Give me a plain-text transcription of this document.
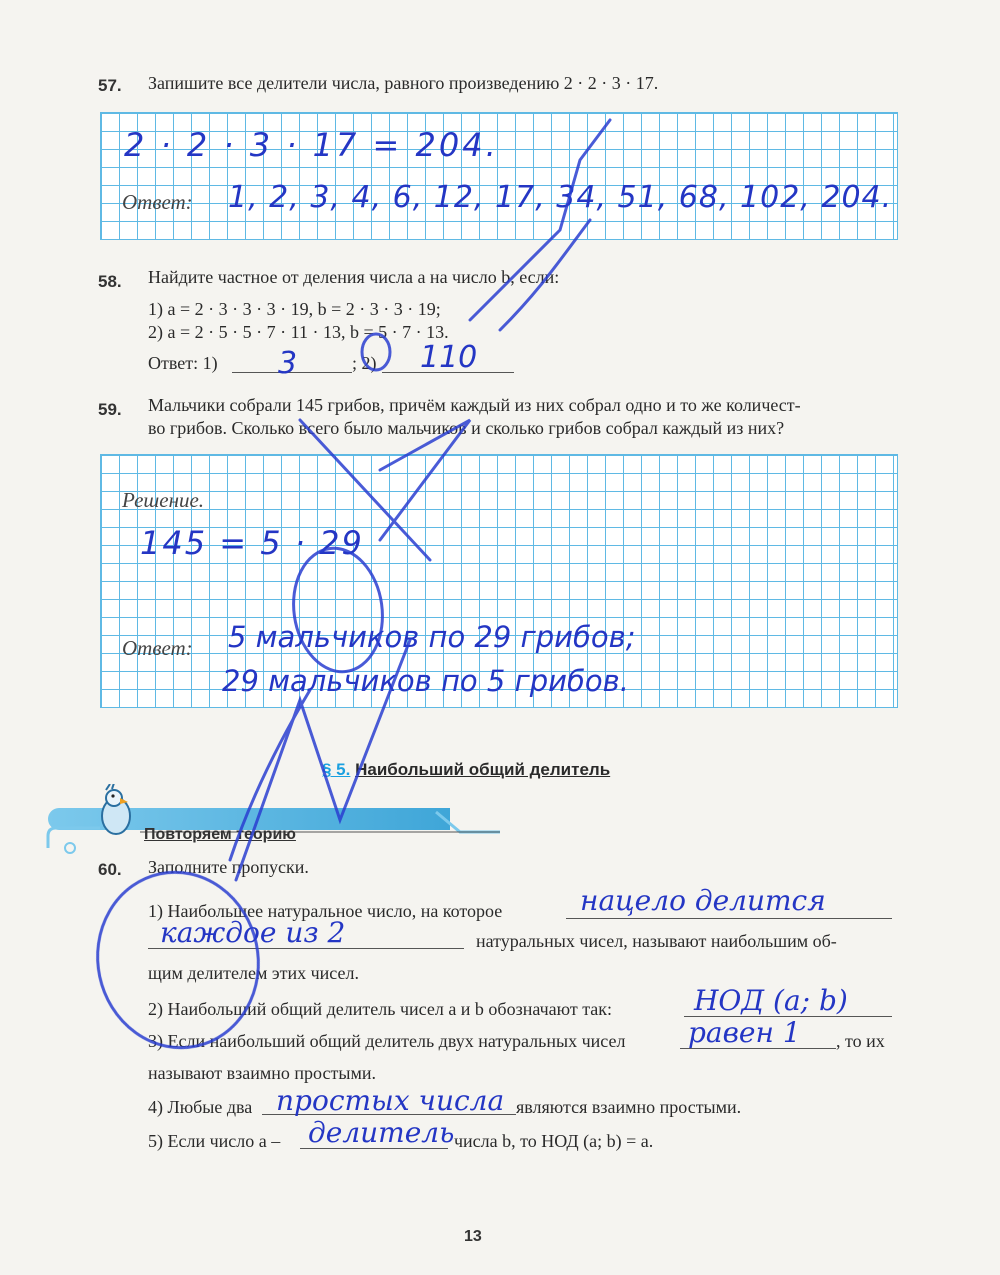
57. Запишите все делители числа, равного произведению 2 · 2 · 3 · 17.
2 · 2 · 3 · 17 = 204.
Ответ: 1, 2, 3, 4, 6, 12, 17, 34, 51, 68, 102, 204.
58. Найдите частное от деления числа a на число b, если:
1) a = 2 · 3 · 3 · 3 · 19, b = 2 · 3 · 3 · 19;
2) a = 2 · 5 · 5 · 7 · 11 · 13, b = 5 · 7 · 13.
Ответ: 1) 3	; 2) 110
59. Мальчики собрали 145 грибов, причём каждый из них собрал одно и то же количест-
во грибов. Сколько всего было мальчиков и сколько грибов собрал каждый из них?
Решение.
145 = 5 · 29
Ответ: 5 мальчиков по 29 грибов;
29 мальчиков по 5 грибов.
§ 5. Наибольший общий делитель
Повторяем теорию
60. Заполните пропуски.
1) Наибольшее натуральное число, на которое	нацело делится
каждое из 2	натуральных чисел, называют наибольшим об-
щим делителем этих чисел.
2) Наибольший общий делитель чисел a и b обозначают так:	НОД (a; b)
3) Если наибольший общий делитель двух натуральных чисел равен 1 , то их
называют взаимно простыми.
4) Любые два простых числа являются взаимно простыми.
5) Если число a – делитель числа b, то НОД (a; b) = a.
13
